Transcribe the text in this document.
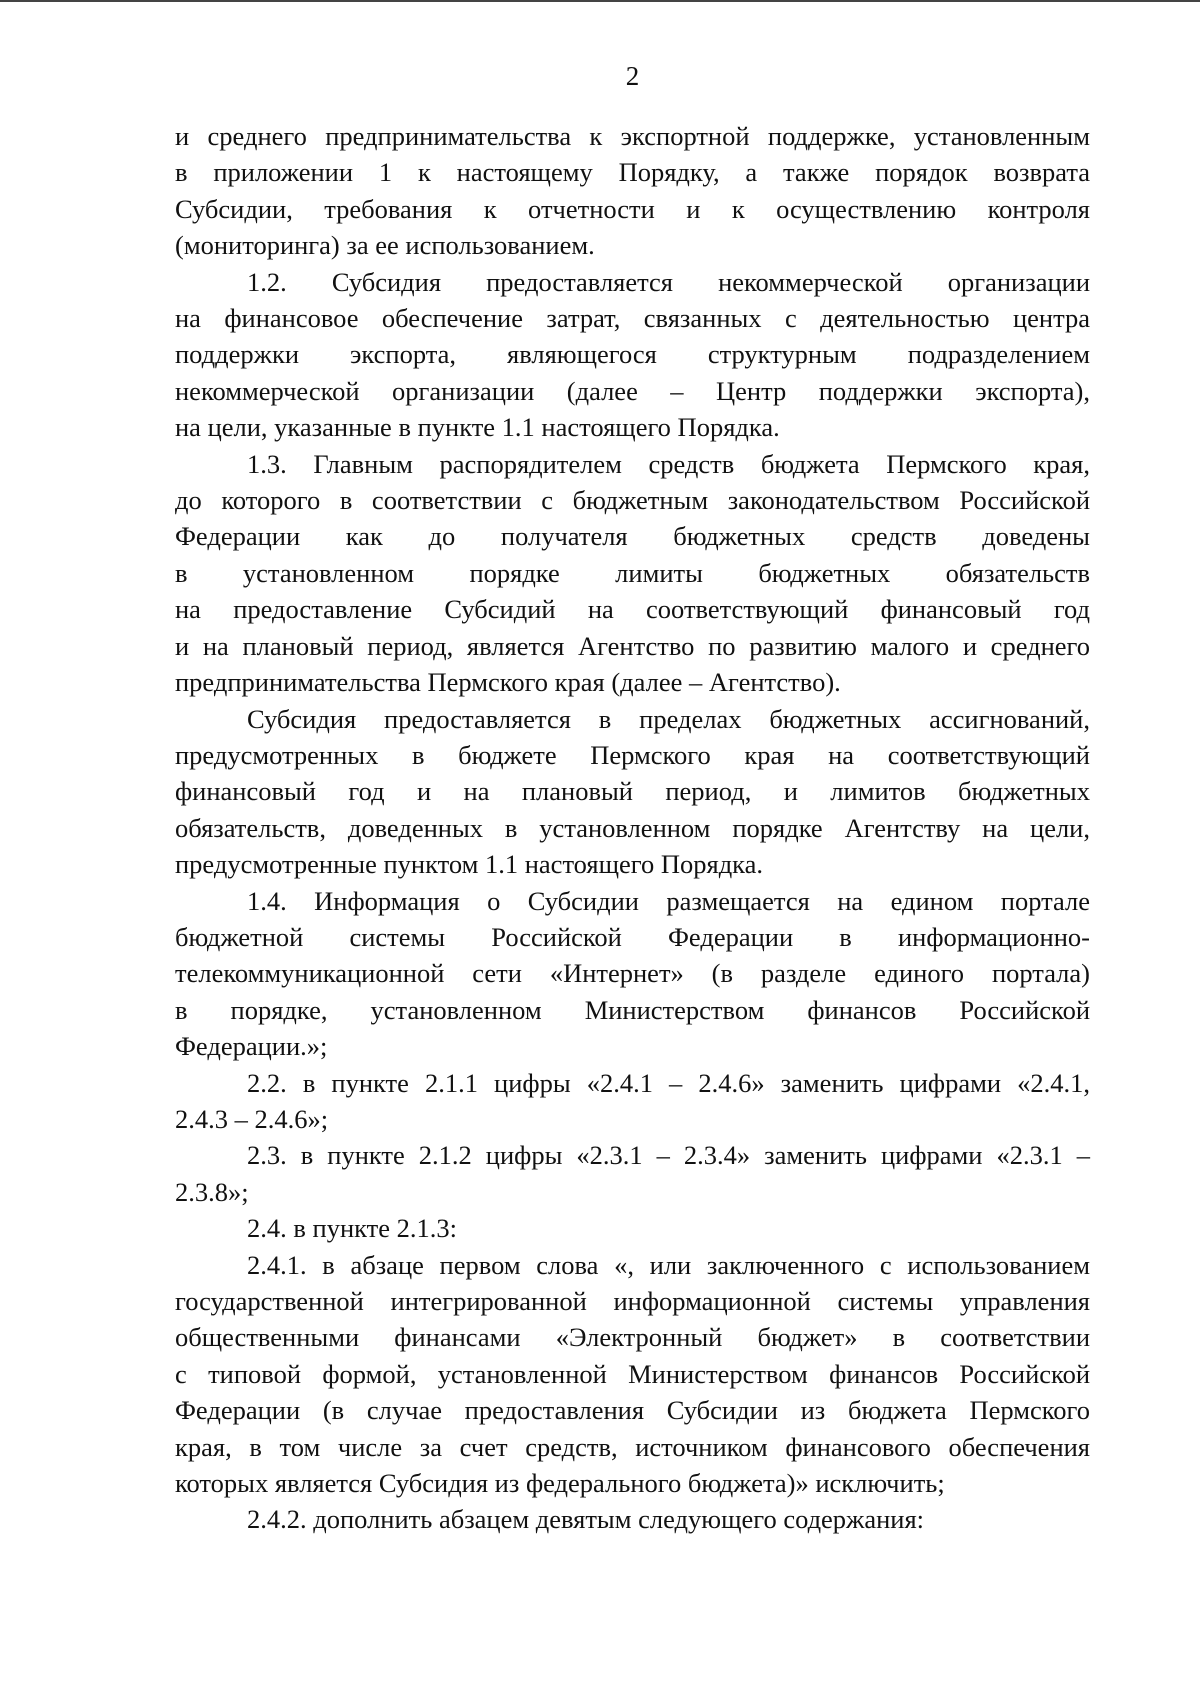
2

и среднего предпринимательства к экспортной поддержке, установленным
в приложении 1 к настоящему Порядку, а также порядок возврата
Субсидии, требования к отчетности и к осуществлению контроля
(мониторинга) за ее использованием.

1.2. Субсидия предоставляется некоммерческой организации
на финансовое обеспечение затрат, связанных с деятельностью центра
поддержки экспорта, являющегося структурным подразделением
некоммерческой организации (далее – Центр поддержки экспорта),
на цели, указанные в пункте 1.1 настоящего Порядка.

1.3. Главным распорядителем средств бюджета Пермского края,
до которого в соответствии с бюджетным законодательством Российской
Федерации как до получателя бюджетных средств доведены
в установленном порядке лимиты бюджетных обязательств
на предоставление Субсидий на соответствующий финансовый год
и на плановый период, является Агентство по развитию малого и среднего
предпринимательства Пермского края (далее – Агентство).

Субсидия предоставляется в пределах бюджетных ассигнований,
предусмотренных в бюджете Пермского края на соответствующий
финансовый год и на плановый период, и лимитов бюджетных
обязательств, доведенных в установленном порядке Агентству на цели,
предусмотренные пунктом 1.1 настоящего Порядка.

1.4. Информация о Субсидии размещается на едином портале
бюджетной системы Российской Федерации в информационно-
телекоммуникационной сети «Интернет» (в разделе единого портала)
в порядке, установленном Министерством финансов Российской
Федерации.»;

2.2. в пункте 2.1.1 цифры «2.4.1 – 2.4.6» заменить цифрами «2.4.1,
2.4.3 – 2.4.6»;

2.3. в пункте 2.1.2 цифры «2.3.1 – 2.3.4» заменить цифрами «2.3.1 –
2.3.8»;

2.4. в пункте 2.1.3:

2.4.1. в абзаце первом слова «, или заключенного с использованием
государственной интегрированной информационной системы управления
общественными финансами «Электронный бюджет» в соответствии
с типовой формой, установленной Министерством финансов Российской
Федерации (в случае предоставления Субсидии из бюджета Пермского
края, в том числе за счет средств, источником финансового обеспечения
которых является Субсидия из федерального бюджета)» исключить;

2.4.2. дополнить абзацем девятым следующего содержания:
